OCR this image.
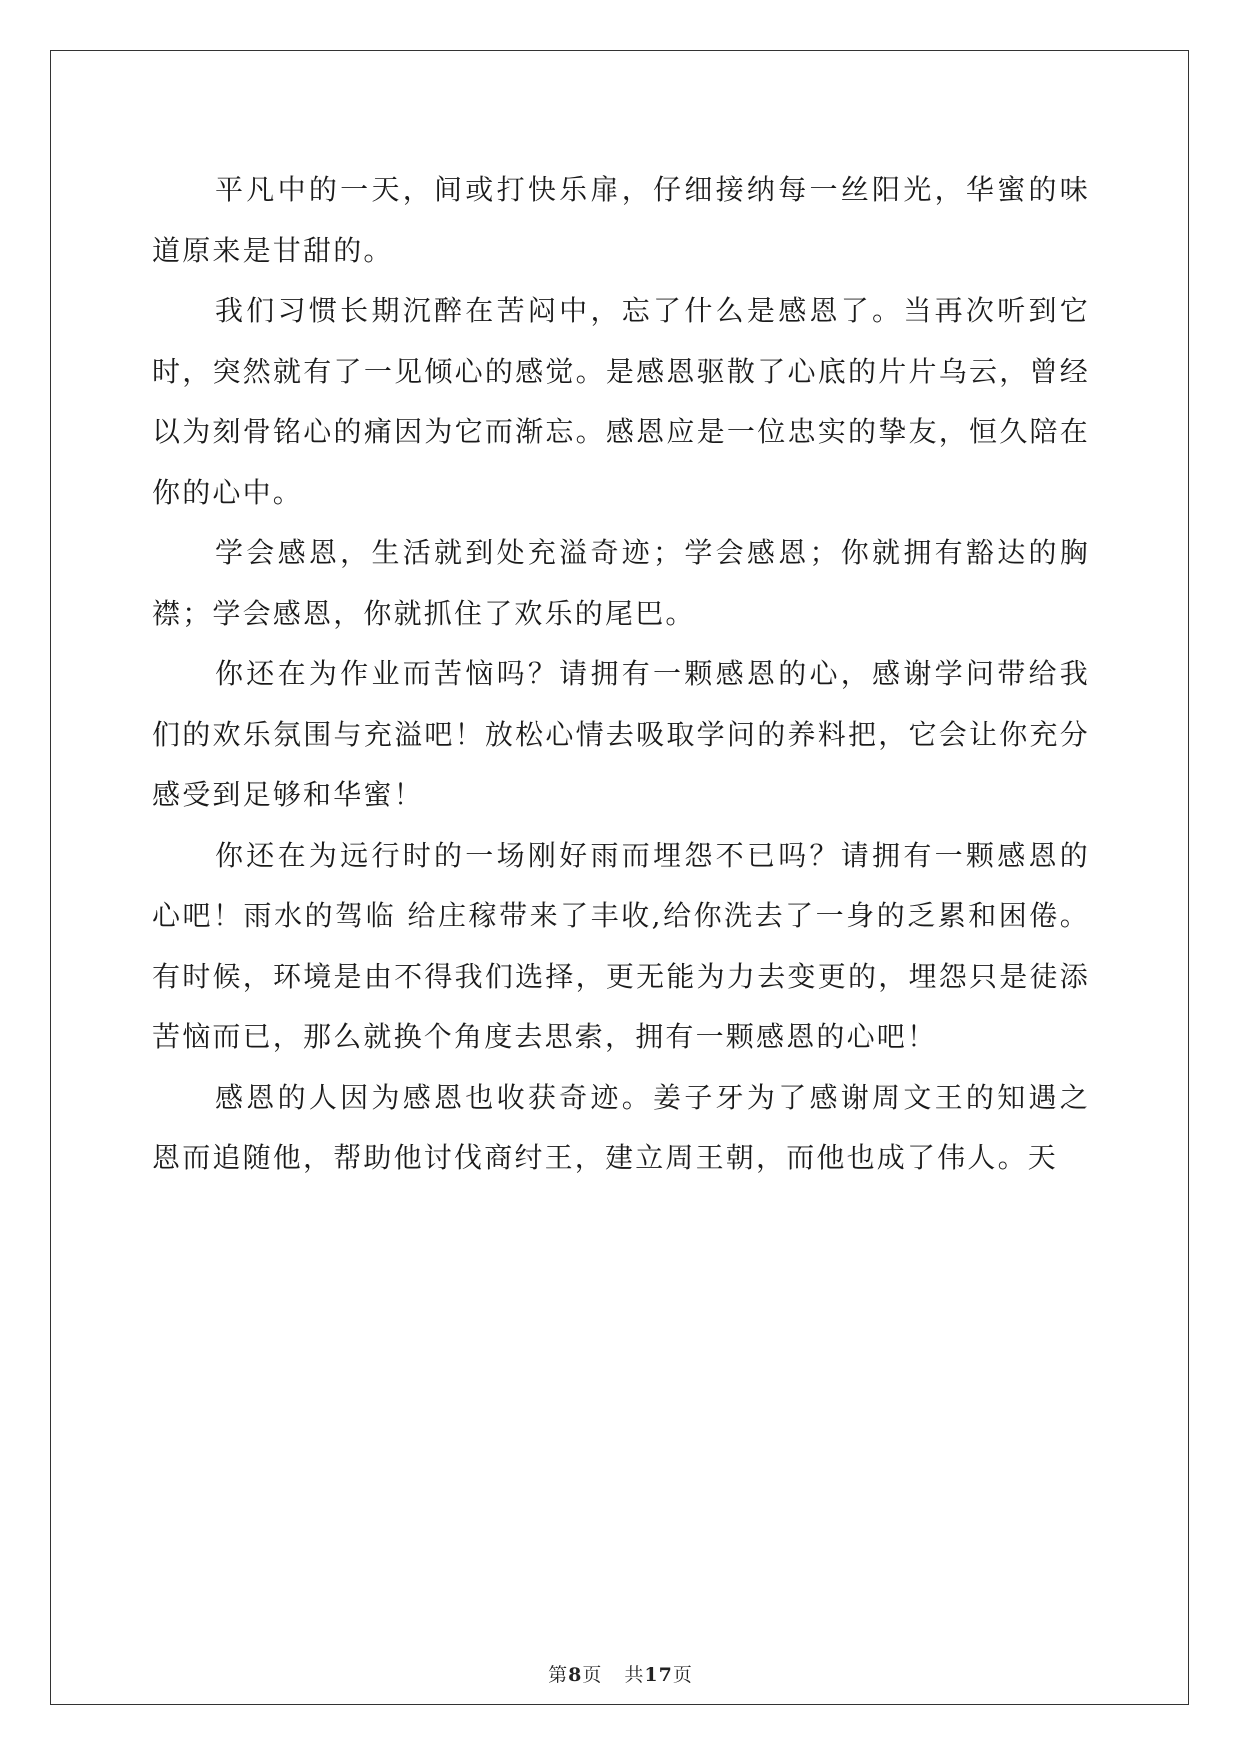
平凡中的一天，间或打快乐扉，仔细接纳每一丝阳光，华蜜的味道原来是甘甜的。

我们习惯长期沉醉在苦闷中，忘了什么是感恩了。当再次听到它时，突然就有了一见倾心的感觉。是感恩驱散了心底的片片乌云，曾经以为刻骨铭心的痛因为它而渐忘。感恩应是一位忠实的挚友，恒久陪在你的心中。

学会感恩，生活就到处充溢奇迹；学会感恩；你就拥有豁达的胸襟；学会感恩，你就抓住了欢乐的尾巴。

你还在为作业而苦恼吗？请拥有一颗感恩的心，感谢学问带给我们的欢乐氛围与充溢吧！放松心情去吸取学问的养料把，它会让你充分感受到足够和华蜜！

你还在为远行时的一场刚好雨而埋怨不已吗？请拥有一颗感恩的心吧！雨水的驾临 给庄稼带来了丰收,给你洗去了一身的乏累和困倦。有时候，环境是由不得我们选择，更无能为力去变更的，埋怨只是徒添苦恼而已，那么就换个角度去思索，拥有一颗感恩的心吧！

感恩的人因为感恩也收获奇迹。姜子牙为了感谢周文王的知遇之恩而追随他，帮助他讨伐商纣王，建立周王朝，而他也成了伟人。天

第8页 共17页
